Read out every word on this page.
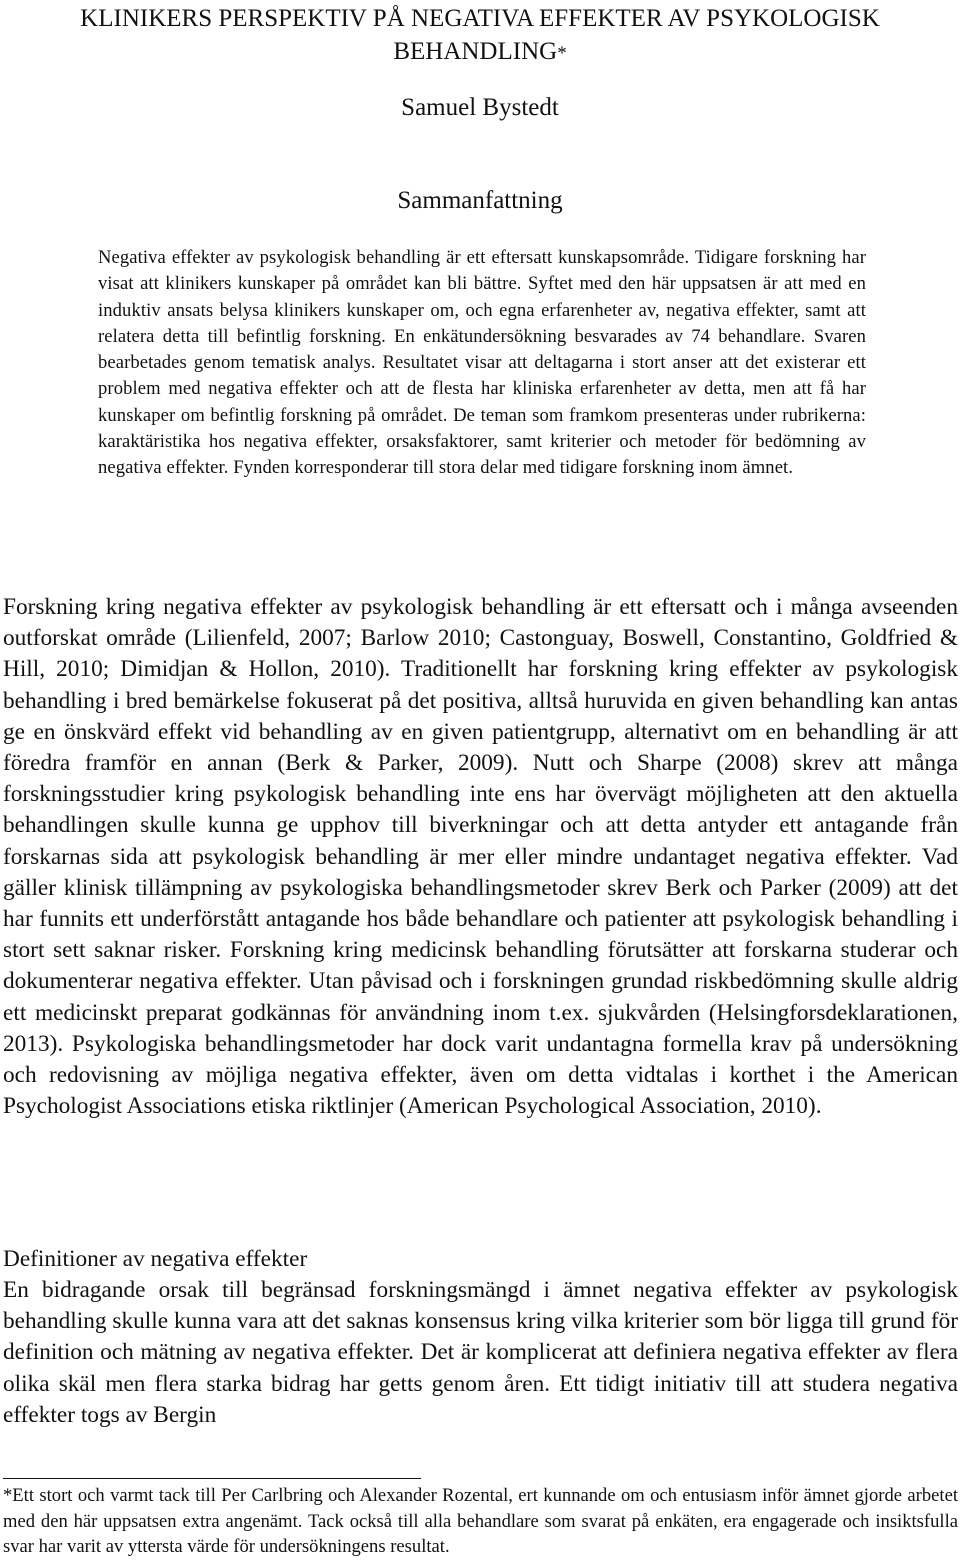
KLINIKERS PERSPEKTIV PÅ NEGATIVA EFFEKTER AV PSYKOLOGISK BEHANDLING*
Samuel Bystedt
Sammanfattning

Negativa effekter av psykologisk behandling är ett eftersatt kunskapsområde. Tidigare forskning har visat att klinikers kunskaper på området kan bli bättre. Syftet med den här uppsatsen är att med en induktiv ansats belysa klinikers kunskaper om, och egna erfarenheter av, negativa effekter, samt att relatera detta till befintlig forskning. En enkätundersökning besvarades av 74 behandlare. Svaren bearbetades genom tematisk analys. Resultatet visar att deltagarna i stort anser att det existerar ett problem med negativa effekter och att de flesta har kliniska erfarenheter av detta, men att få har kunskaper om befintlig forskning på området. De teman som framkom presenteras under rubrikerna: karaktäristika hos negativa effekter, orsaksfaktorer, samt kriterier och metoder för bedömning av negativa effekter. Fynden korresponderar till stora delar med tidigare forskning inom ämnet.

Forskning kring negativa effekter av psykologisk behandling är ett eftersatt och i många avseenden outforskat område (Lilienfeld, 2007; Barlow 2010; Castonguay, Boswell, Constantino, Goldfried & Hill, 2010; Dimidjan & Hollon, 2010). Traditionellt har forskning kring effekter av psykologisk behandling i bred bemärkelse fokuserat på det positiva, alltså huruvida en given behandling kan antas ge en önskvärd effekt vid behandling av en given patientgrupp, alternativt om en behandling är att föredra framför en annan (Berk & Parker, 2009). Nutt och Sharpe (2008) skrev att många forskningsstudier kring psykologisk behandling inte ens har övervägt möjligheten att den aktuella behandlingen skulle kunna ge upphov till biverkningar och att detta antyder ett antagande från forskarnas sida att psykologisk behandling är mer eller mindre undantaget negativa effekter. Vad gäller klinisk tillämpning av psykologiska behandlingsmetoder skrev Berk och Parker (2009) att det har funnits ett underförstått antagande hos både behandlare och patienter att psykologisk behandling i stort sett saknar risker. Forskning kring medicinsk behandling förutsätter att forskarna studerar och dokumenterar negativa effekter. Utan påvisad och i forskningen grundad riskbedömning skulle aldrig ett medicinskt preparat godkännas för användning inom t.ex. sjukvården (Helsingforsdeklarationen, 2013). Psykologiska behandlingsmetoder har dock varit undantagna formella krav på undersökning och redovisning av möjliga negativa effekter, även om detta vidtalas i korthet i the American Psychologist Associations etiska riktlinjer (American Psychological Association, 2010).

Definitioner av negativa effekter

En bidragande orsak till begränsad forskningsmängd i ämnet negativa effekter av psykologisk behandling skulle kunna vara att det saknas konsensus kring vilka kriterier som bör ligga till grund för definition och mätning av negativa effekter. Det är komplicerat att definiera negativa effekter av flera olika skäl men flera starka bidrag har getts genom åren. Ett tidigt initiativ till att studera negativa effekter togs av Bergin

*Ett stort och varmt tack till Per Carlbring och Alexander Rozental, ert kunnande om och entusiasm inför ämnet gjorde arbetet med den här uppsatsen extra angenämt. Tack också till alla behandlare som svarat på enkäten, era engagerade och insiktsfulla svar har varit av yttersta värde för undersökningens resultat.
